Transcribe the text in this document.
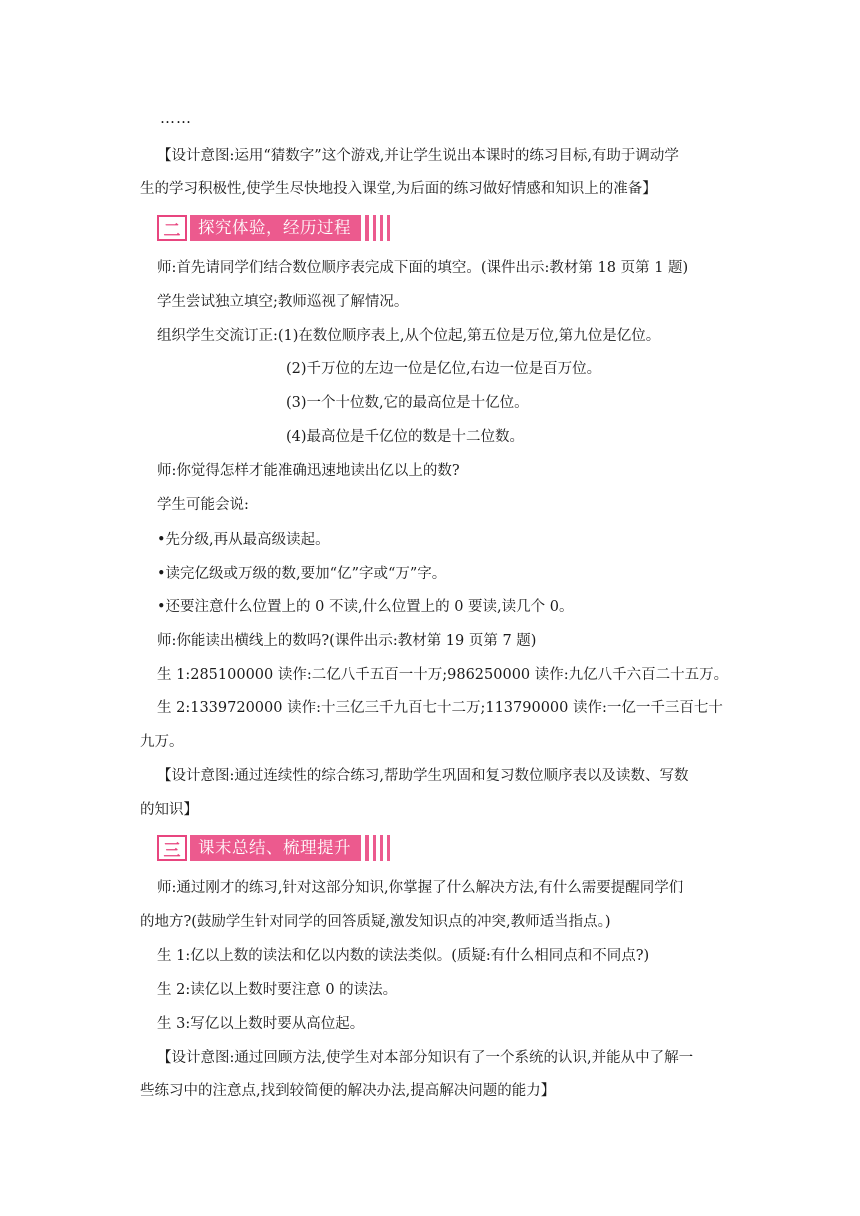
……
【设计意图:运用“猜数字”这个游戏,并让学生说出本课时的练习目标,有助于调动学
生的学习积极性,使学生尽快地投入课堂,为后面的练习做好情感和知识上的准备】
二	探究体验，经历过程
师:首先请同学们结合数位顺序表完成下面的填空。(课件出示:教材第 18 页第 1 题)
学生尝试独立填空;教师巡视了解情况。
组织学生交流订正:(1)在数位顺序表上,从个位起,第五位是万位,第九位是亿位。
(2)千万位的左边一位是亿位,右边一位是百万位。
(3)一个十位数,它的最高位是十亿位。
(4)最高位是千亿位的数是十二位数。
师:你觉得怎样才能准确迅速地读出亿以上的数?
学生可能会说:
•先分级,再从最高级读起。
•读完亿级或万级的数,要加“亿”字或“万”字。
•还要注意什么位置上的 0 不读,什么位置上的 0 要读,读几个 0。
师:你能读出横线上的数吗?(课件出示:教材第 19 页第 7 题)
生 1:285100000 读作:二亿八千五百一十万;986250000 读作:九亿八千六百二十五万。
生 2:1339720000 读作:十三亿三千九百七十二万;113790000 读作:一亿一千三百七十
九万。
【设计意图:通过连续性的综合练习,帮助学生巩固和复习数位顺序表以及读数、写数
的知识】
三	课末总结、梳理提升
师:通过刚才的练习,针对这部分知识,你掌握了什么解决方法,有什么需要提醒同学们
的地方?(鼓励学生针对同学的回答质疑,激发知识点的冲突,教师适当指点。)
生 1:亿以上数的读法和亿以内数的读法类似。(质疑:有什么相同点和不同点?)
生 2:读亿以上数时要注意 0 的读法。
生 3:写亿以上数时要从高位起。
【设计意图:通过回顾方法,使学生对本部分知识有了一个系统的认识,并能从中了解一
些练习中的注意点,找到较简便的解决办法,提高解决问题的能力】
